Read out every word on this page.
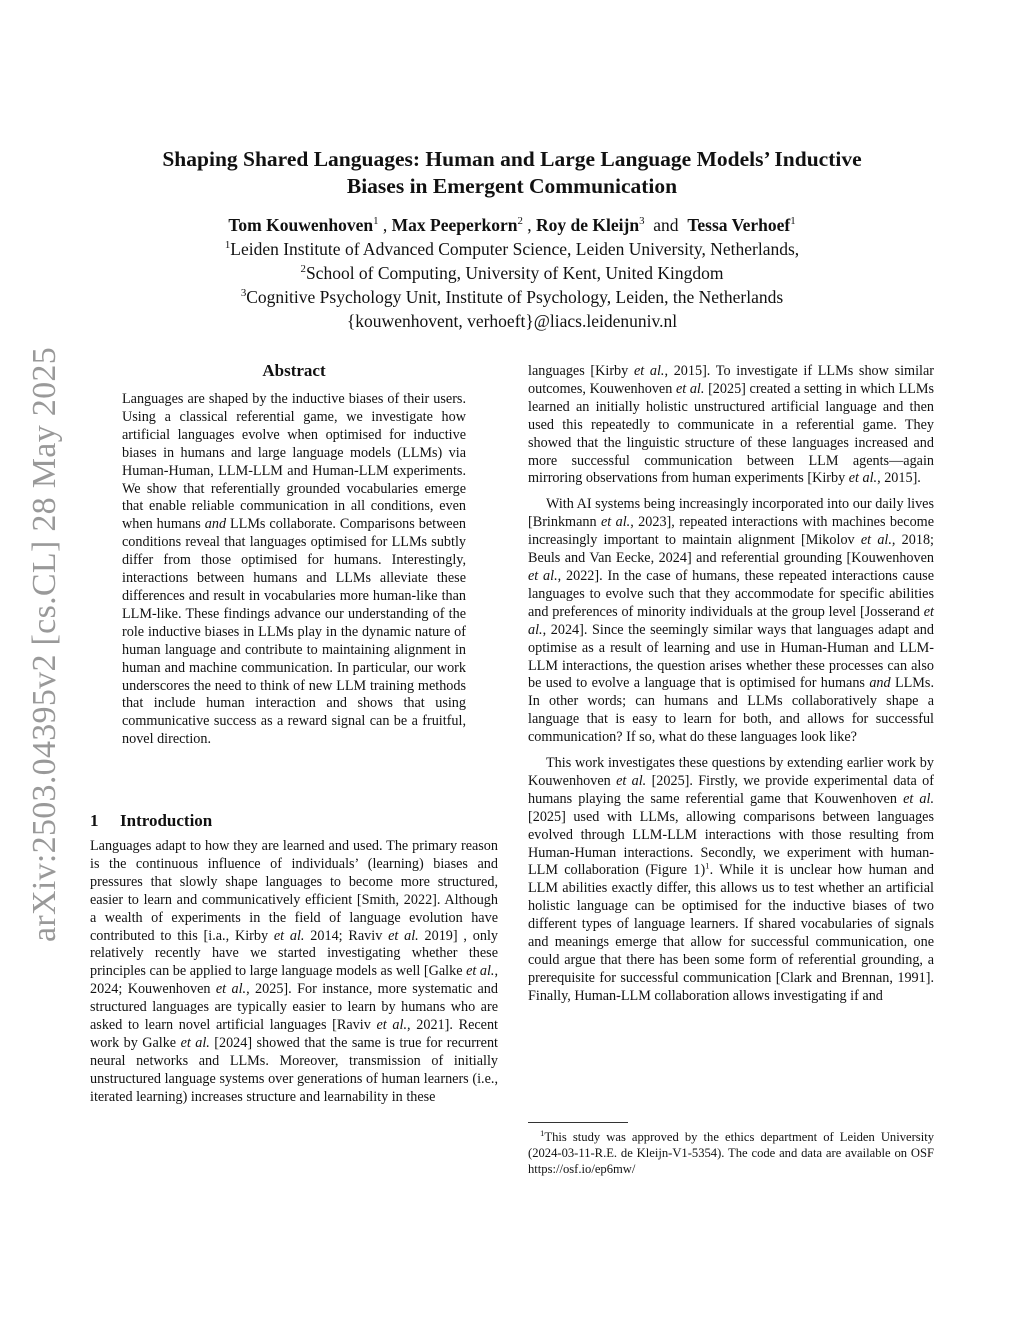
arXiv:2503.04395v2 [cs.CL] 28 May 2025
Shaping Shared Languages: Human and Large Language Models’ Inductive
Biases in Emergent Communication
Tom Kouwenhoven$^1$ , Max Peeperkorn$^2$ , Roy de Kleijn$^3$ and Tessa Verhoef$^1$
$^1$Leiden Institute of Advanced Computer Science, Leiden University, Netherlands,
$^2$School of Computing, University of Kent, United Kingdom
$^3$Cognitive Psychology Unit, Institute of Psychology, Leiden, the Netherlands
{kouwenhovent, verhoeft}@liacs.leidenuniv.nl
Abstract

Languages are shaped by the inductive biases of their users. Using a classical referential game, we investigate how artificial languages evolve when optimised for inductive biases in humans and large language models (LLMs) via Human-Human, LLM-LLM and Human-LLM experiments. We show that referentially grounded vocabularies emerge that enable reliable communication in all conditions, even when humans and LLMs collaborate. Comparisons between conditions reveal that languages optimised for LLMs subtly differ from those optimised for humans. Interestingly, interactions between humans and LLMs alleviate these differences and result in vocabularies more human-like than LLM-like. These findings advance our understanding of the role inductive biases in LLMs play in the dynamic nature of human language and contribute to maintaining alignment in human and machine communication. In particular, our work underscores the need to think of new LLM training methods that include human interaction and shows that using communicative success as a reward signal can be a fruitful, novel direction.

1 Introduction

Languages adapt to how they are learned and used. The primary reason is the continuous influence of individuals’ (learning) biases and pressures that slowly shape languages to become more structured, easier to learn and communicatively efficient [Smith, 2022]. Although a wealth of experiments in the field of language evolution have contributed to this [i.a., Kirby et al. 2014; Raviv et al. 2019] , only relatively recently have we started investigating whether these principles can be applied to large language models as well [Galke et al., 2024; Kouwenhoven et al., 2025]. For instance, more systematic and structured languages are typically easier to learn by humans who are asked to learn novel artificial languages [Raviv et al., 2021]. Recent work by Galke et al. [2024] showed that the same is true for recurrent neural networks and LLMs. Moreover, transmission of initially unstructured language systems over generations of human learners (i.e., iterated learning) increases structure and learnability in these

languages [Kirby et al., 2015]. To investigate if LLMs show similar outcomes, Kouwenhoven et al. [2025] created a setting in which LLMs learned an initially holistic unstructured artificial language and then used this repeatedly to communicate in a referential game. They showed that the linguistic structure of these languages increased and more successful communication between LLM agents—again mirroring observations from human experiments [Kirby et al., 2015].

With AI systems being increasingly incorporated into our daily lives [Brinkmann et al., 2023], repeated interactions with machines become increasingly important to maintain alignment [Mikolov et al., 2018; Beuls and Van Eecke, 2024] and referential grounding [Kouwenhoven et al., 2022]. In the case of humans, these repeated interactions cause languages to evolve such that they accommodate for specific abilities and preferences of minority individuals at the group level [Josserand et al., 2024]. Since the seemingly similar ways that languages adapt and optimise as a result of learning and use in Human-Human and LLM-LLM interactions, the question arises whether these processes can also be used to evolve a language that is optimised for humans and LLMs. In other words; can humans and LLMs collaboratively shape a language that is easy to learn for both, and allows for successful communication? If so, what do these languages look like?

This work investigates these questions by extending earlier work by Kouwenhoven et al. [2025]. Firstly, we provide experimental data of humans playing the same referential game that Kouwenhoven et al. [2025] used with LLMs, allowing comparisons between languages evolved through LLM-LLM interactions with those resulting from Human-Human interactions. Secondly, we experiment with human-LLM collaboration (Figure 1)$^1$. While it is unclear how human and LLM abilities exactly differ, this allows us to test whether an artificial holistic language can be optimised for the inductive biases of two different types of language learners. If shared vocabularies of signals and meanings emerge that allow for successful communication, one could argue that there has been some form of referential grounding, a prerequisite for successful communication [Clark and Brennan, 1991]. Finally, Human-LLM collaboration allows investigating if and

$^1$This study was approved by the ethics department of Leiden University (2024-03-11-R.E. de Kleijn-V1-5354). The code and data are available on OSF https://osf.io/ep6mw/
